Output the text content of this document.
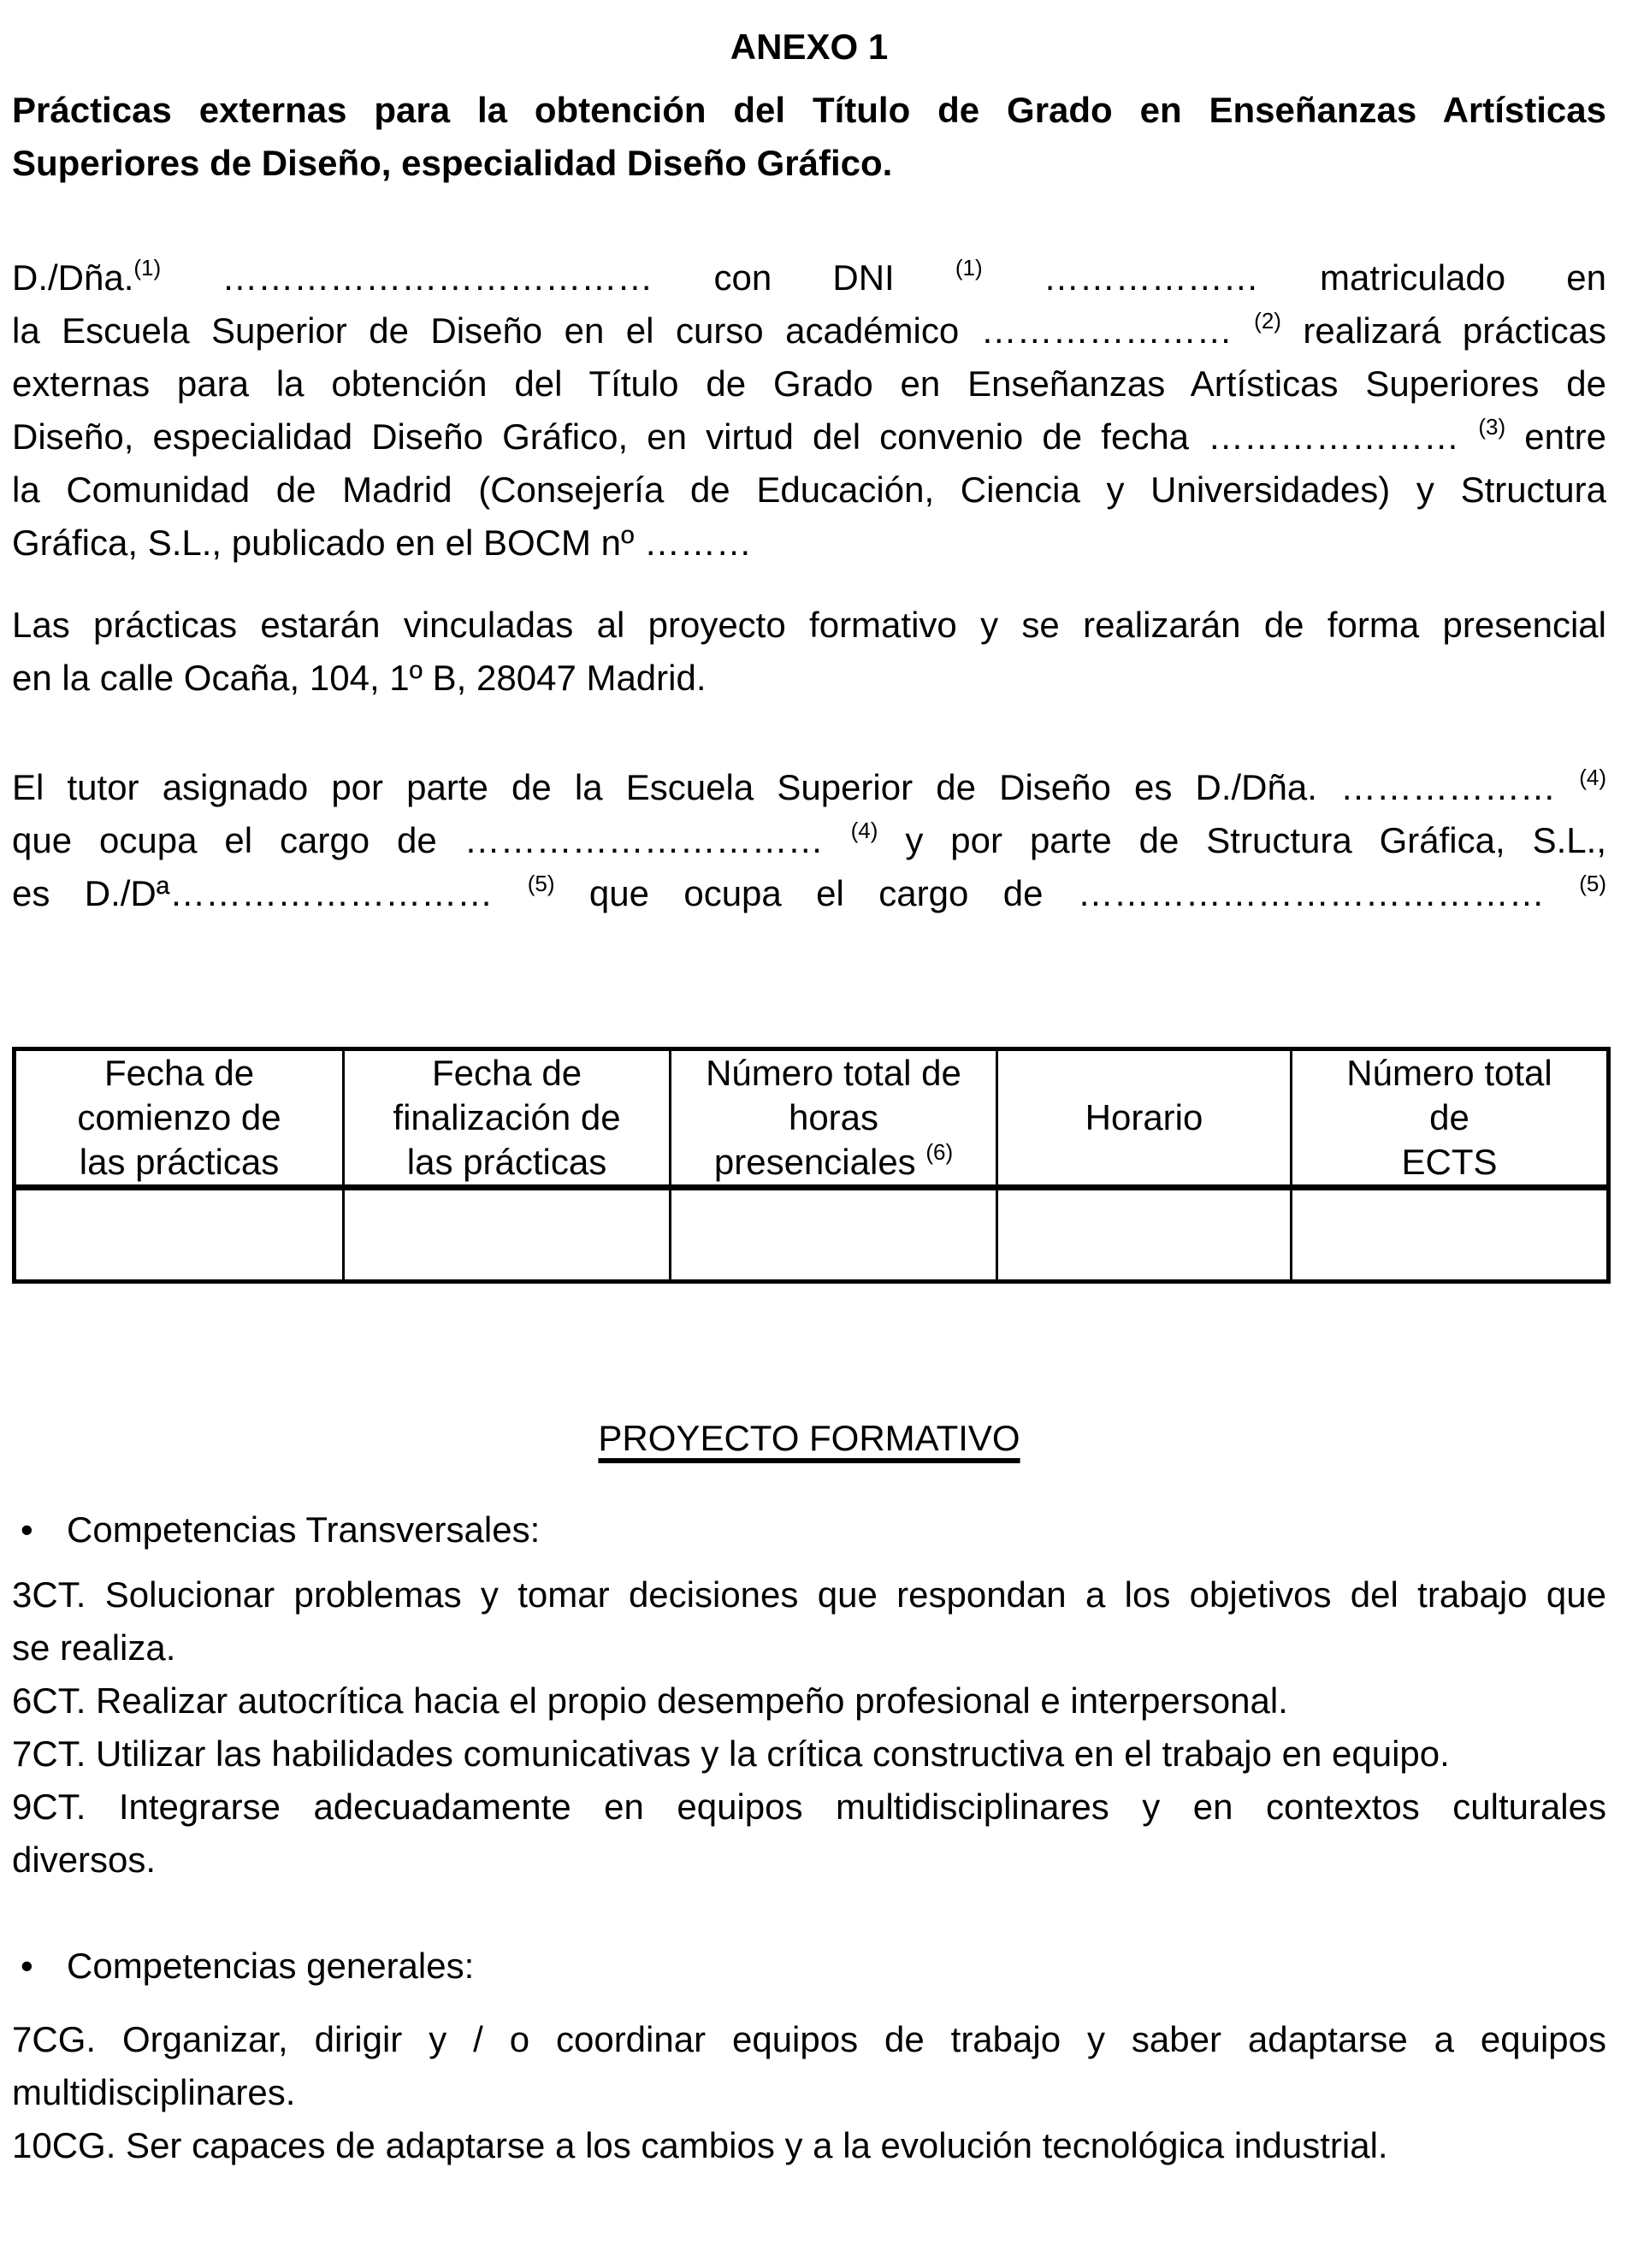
ANEXO 1
Prácticas externas para la obtención del Título de Grado en Enseñanzas Artísticas
Superiores de Diseño, especialidad Diseño Gráfico.
D./Dña.$^{(1)}$ ……………………………… con DNI $^{(1)}$ ……………… matriculado en
la Escuela Superior de Diseño en el curso académico ………………… $^{(2)}$ realizará prácticas
externas para la obtención del Título de Grado en Enseñanzas Artísticas Superiores de
Diseño, especialidad Diseño Gráfico, en virtud del convenio de fecha ………………… $^{(3)}$ entre
la Comunidad de Madrid (Consejería de Educación, Ciencia y Universidades) y Structura
Gráfica, S.L., publicado en el BOCM nº ………
Las prácticas estarán vinculadas al proyecto formativo y se realizarán de forma presencial
en la calle Ocaña, 104, 1º B, 28047 Madrid.
El tutor asignado por parte de la Escuela Superior de Diseño es D./Dña. ……………… $^{(4)}$
que ocupa el cargo de ………………………… $^{(4)}$ y por parte de Structura Gráfica, S.L.,
es D./Dª……………………… $^{(5)}$ que ocupa el cargo de ………………………………… $^{(5)}$
Fecha de
comienzo de
las prácticas	Fecha de
finalización de
las prácticas	Número total de
horas
presenciales $^{(6)}$	Horario	Número total
de
ECTS

PROYECTO FORMATIVO
• Competencias Transversales:
3CT. Solucionar problemas y tomar decisiones que respondan a los objetivos del trabajo que
se realiza.
6CT. Realizar autocrítica hacia el propio desempeño profesional e interpersonal.
7CT. Utilizar las habilidades comunicativas y la crítica constructiva en el trabajo en equipo.
9CT. Integrarse adecuadamente en equipos multidisciplinares y en contextos culturales
diversos.
• Competencias generales:
7CG. Organizar, dirigir y / o coordinar equipos de trabajo y saber adaptarse a equipos
multidisciplinares.
10CG. Ser capaces de adaptarse a los cambios y a la evolución tecnológica industrial.
